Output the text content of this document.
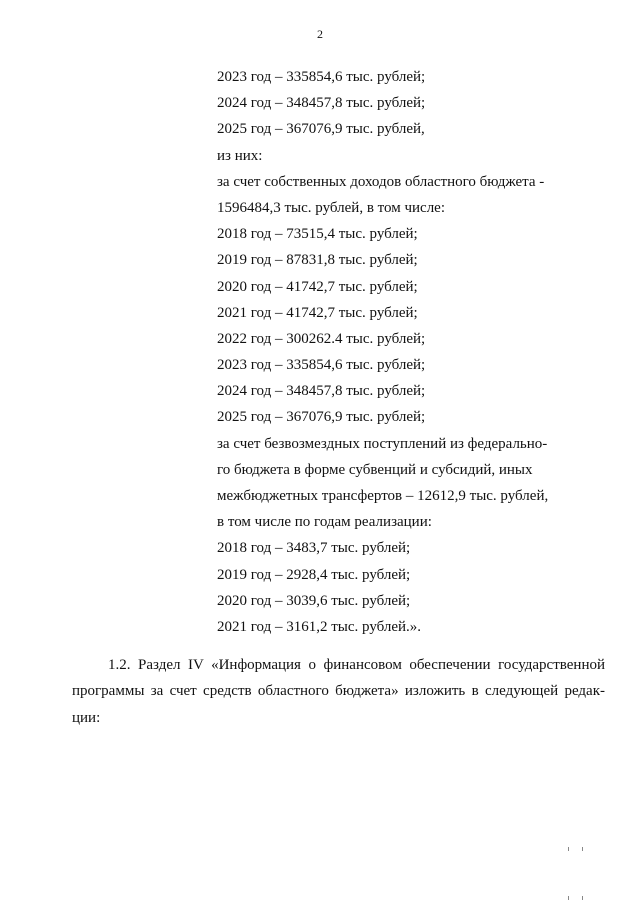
2
2023 год – 335854,6 тыс. рублей;
2024 год – 348457,8 тыс. рублей;
2025 год – 367076,9 тыс. рублей,
из них:
за счет собственных доходов областного бюджета -
1596484,3 тыс. рублей, в том числе:
2018 год – 73515,4 тыс. рублей;
2019 год – 87831,8 тыс. рублей;
2020 год – 41742,7 тыс. рублей;
2021 год – 41742,7 тыс. рублей;
2022 год – 300262.4 тыс. рублей;
2023 год – 335854,6 тыс. рублей;
2024 год – 348457,8 тыс. рублей;
2025 год – 367076,9 тыс. рублей;
за счет безвозмездных поступлений из федерально-
го бюджета в форме субвенций и субсидий, иных
межбюджетных трансфертов – 12612,9 тыс. рублей,
в том числе по годам реализации:
2018 год – 3483,7 тыс. рублей;
2019 год – 2928,4 тыс. рублей;
2020 год – 3039,6 тыс. рублей;
2021 год – 3161,2 тыс. рублей.».

1.2. Раздел IV «Информация о финансовом обеспечении государственной

программы за счет средств областного бюджета» изложить в следующей редак-

ции:
